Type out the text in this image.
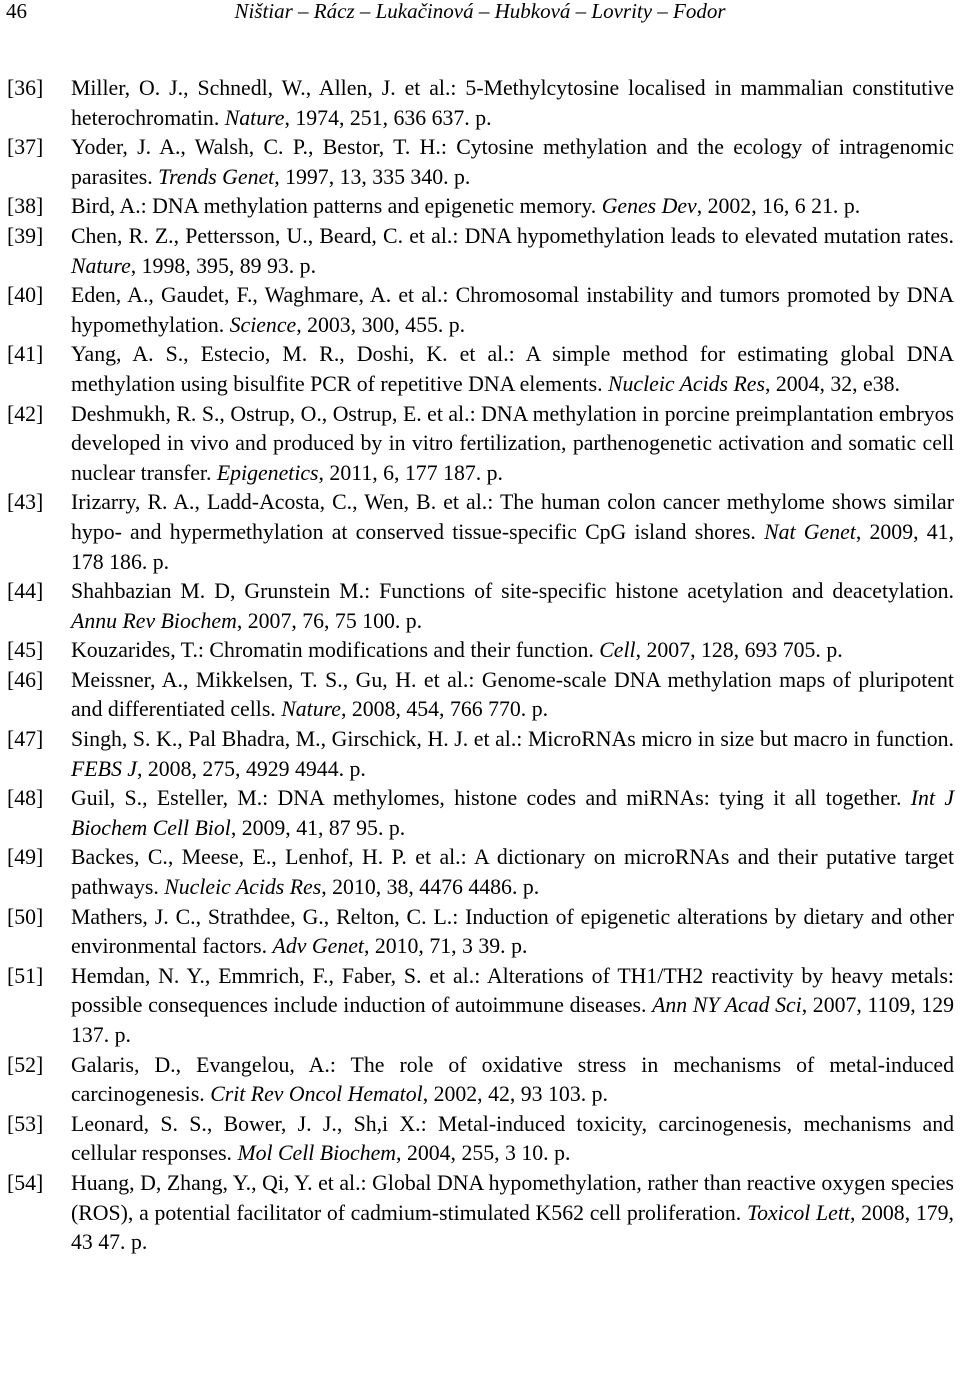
46	Ništiar – Rácz – Lukačinová – Hubková – Lovrity – Fodor
[36]	Miller, O. J., Schnedl, W., Allen, J. et al.: 5-Methylcytosine localised in mammalian constitutive heterochromatin. Nature, 1974, 251, 636 637. p.
[37]	Yoder, J. A., Walsh, C. P., Bestor, T. H.: Cytosine methylation and the ecology of intragenomic parasites. Trends Genet, 1997, 13, 335 340. p.
[38]	Bird, A.: DNA methylation patterns and epigenetic memory. Genes Dev, 2002, 16, 6 21. p.
[39]	Chen, R. Z., Pettersson, U., Beard, C. et al.: DNA hypomethylation leads to elevated mutation rates. Nature, 1998, 395, 89 93. p.
[40]	Eden, A., Gaudet, F., Waghmare, A. et al.: Chromosomal instability and tumors promoted by DNA hypomethylation. Science, 2003, 300, 455. p.
[41]	Yang, A. S., Estecio, M. R., Doshi, K. et al.: A simple method for estimating global DNA methylation using bisulfite PCR of repetitive DNA elements. Nucleic Acids Res, 2004, 32, e38.
[42]	Deshmukh, R. S., Ostrup, O., Ostrup, E. et al.: DNA methylation in porcine preimplantation embryos developed in vivo and produced by in vitro fertilization, parthenogenetic activation and somatic cell nuclear transfer. Epigenetics, 2011, 6, 177 187. p.
[43]	Irizarry, R. A., Ladd-Acosta, C., Wen, B. et al.: The human colon cancer methylome shows similar hypo- and hypermethylation at conserved tissue-specific CpG island shores. Nat Genet, 2009, 41, 178 186. p.
[44]	Shahbazian M. D, Grunstein M.: Functions of site-specific histone acetylation and deacetylation. Annu Rev Biochem, 2007, 76, 75 100. p.
[45]	Kouzarides, T.: Chromatin modifications and their function. Cell, 2007, 128, 693 705. p.
[46]	Meissner, A., Mikkelsen, T. S., Gu, H. et al.: Genome-scale DNA methylation maps of pluripotent and differentiated cells. Nature, 2008, 454, 766 770. p.
[47]	Singh, S. K., Pal Bhadra, M., Girschick, H. J. et al.: MicroRNAs micro in size but macro in function. FEBS J, 2008, 275, 4929 4944. p.
[48]	Guil, S., Esteller, M.: DNA methylomes, histone codes and miRNAs: tying it all together. Int J Biochem Cell Biol, 2009, 41, 87 95. p.
[49]	Backes, C., Meese, E., Lenhof, H. P. et al.: A dictionary on microRNAs and their putative target pathways. Nucleic Acids Res, 2010, 38, 4476 4486. p.
[50]	Mathers, J. C., Strathdee, G., Relton, C. L.: Induction of epigenetic alterations by dietary and other environmental factors. Adv Genet, 2010, 71, 3 39. p.
[51]	Hemdan, N. Y., Emmrich, F., Faber, S. et al.: Alterations of TH1/TH2 reactivity by heavy metals: possible consequences include induction of autoimmune diseases. Ann NY Acad Sci, 2007, 1109, 129 137. p.
[52]	Galaris, D., Evangelou, A.: The role of oxidative stress in mechanisms of metal-induced carcinogenesis. Crit Rev Oncol Hematol, 2002, 42, 93 103. p.
[53]	Leonard, S. S., Bower, J. J., Sh,i X.: Metal-induced toxicity, carcinogenesis, mechanisms and cellular responses. Mol Cell Biochem, 2004, 255, 3 10. p.
[54]	Huang, D, Zhang, Y., Qi, Y. et al.: Global DNA hypomethylation, rather than reactive oxygen species (ROS), a potential facilitator of cadmium-stimulated K562 cell proliferation. Toxicol Lett, 2008, 179, 43 47. p.
